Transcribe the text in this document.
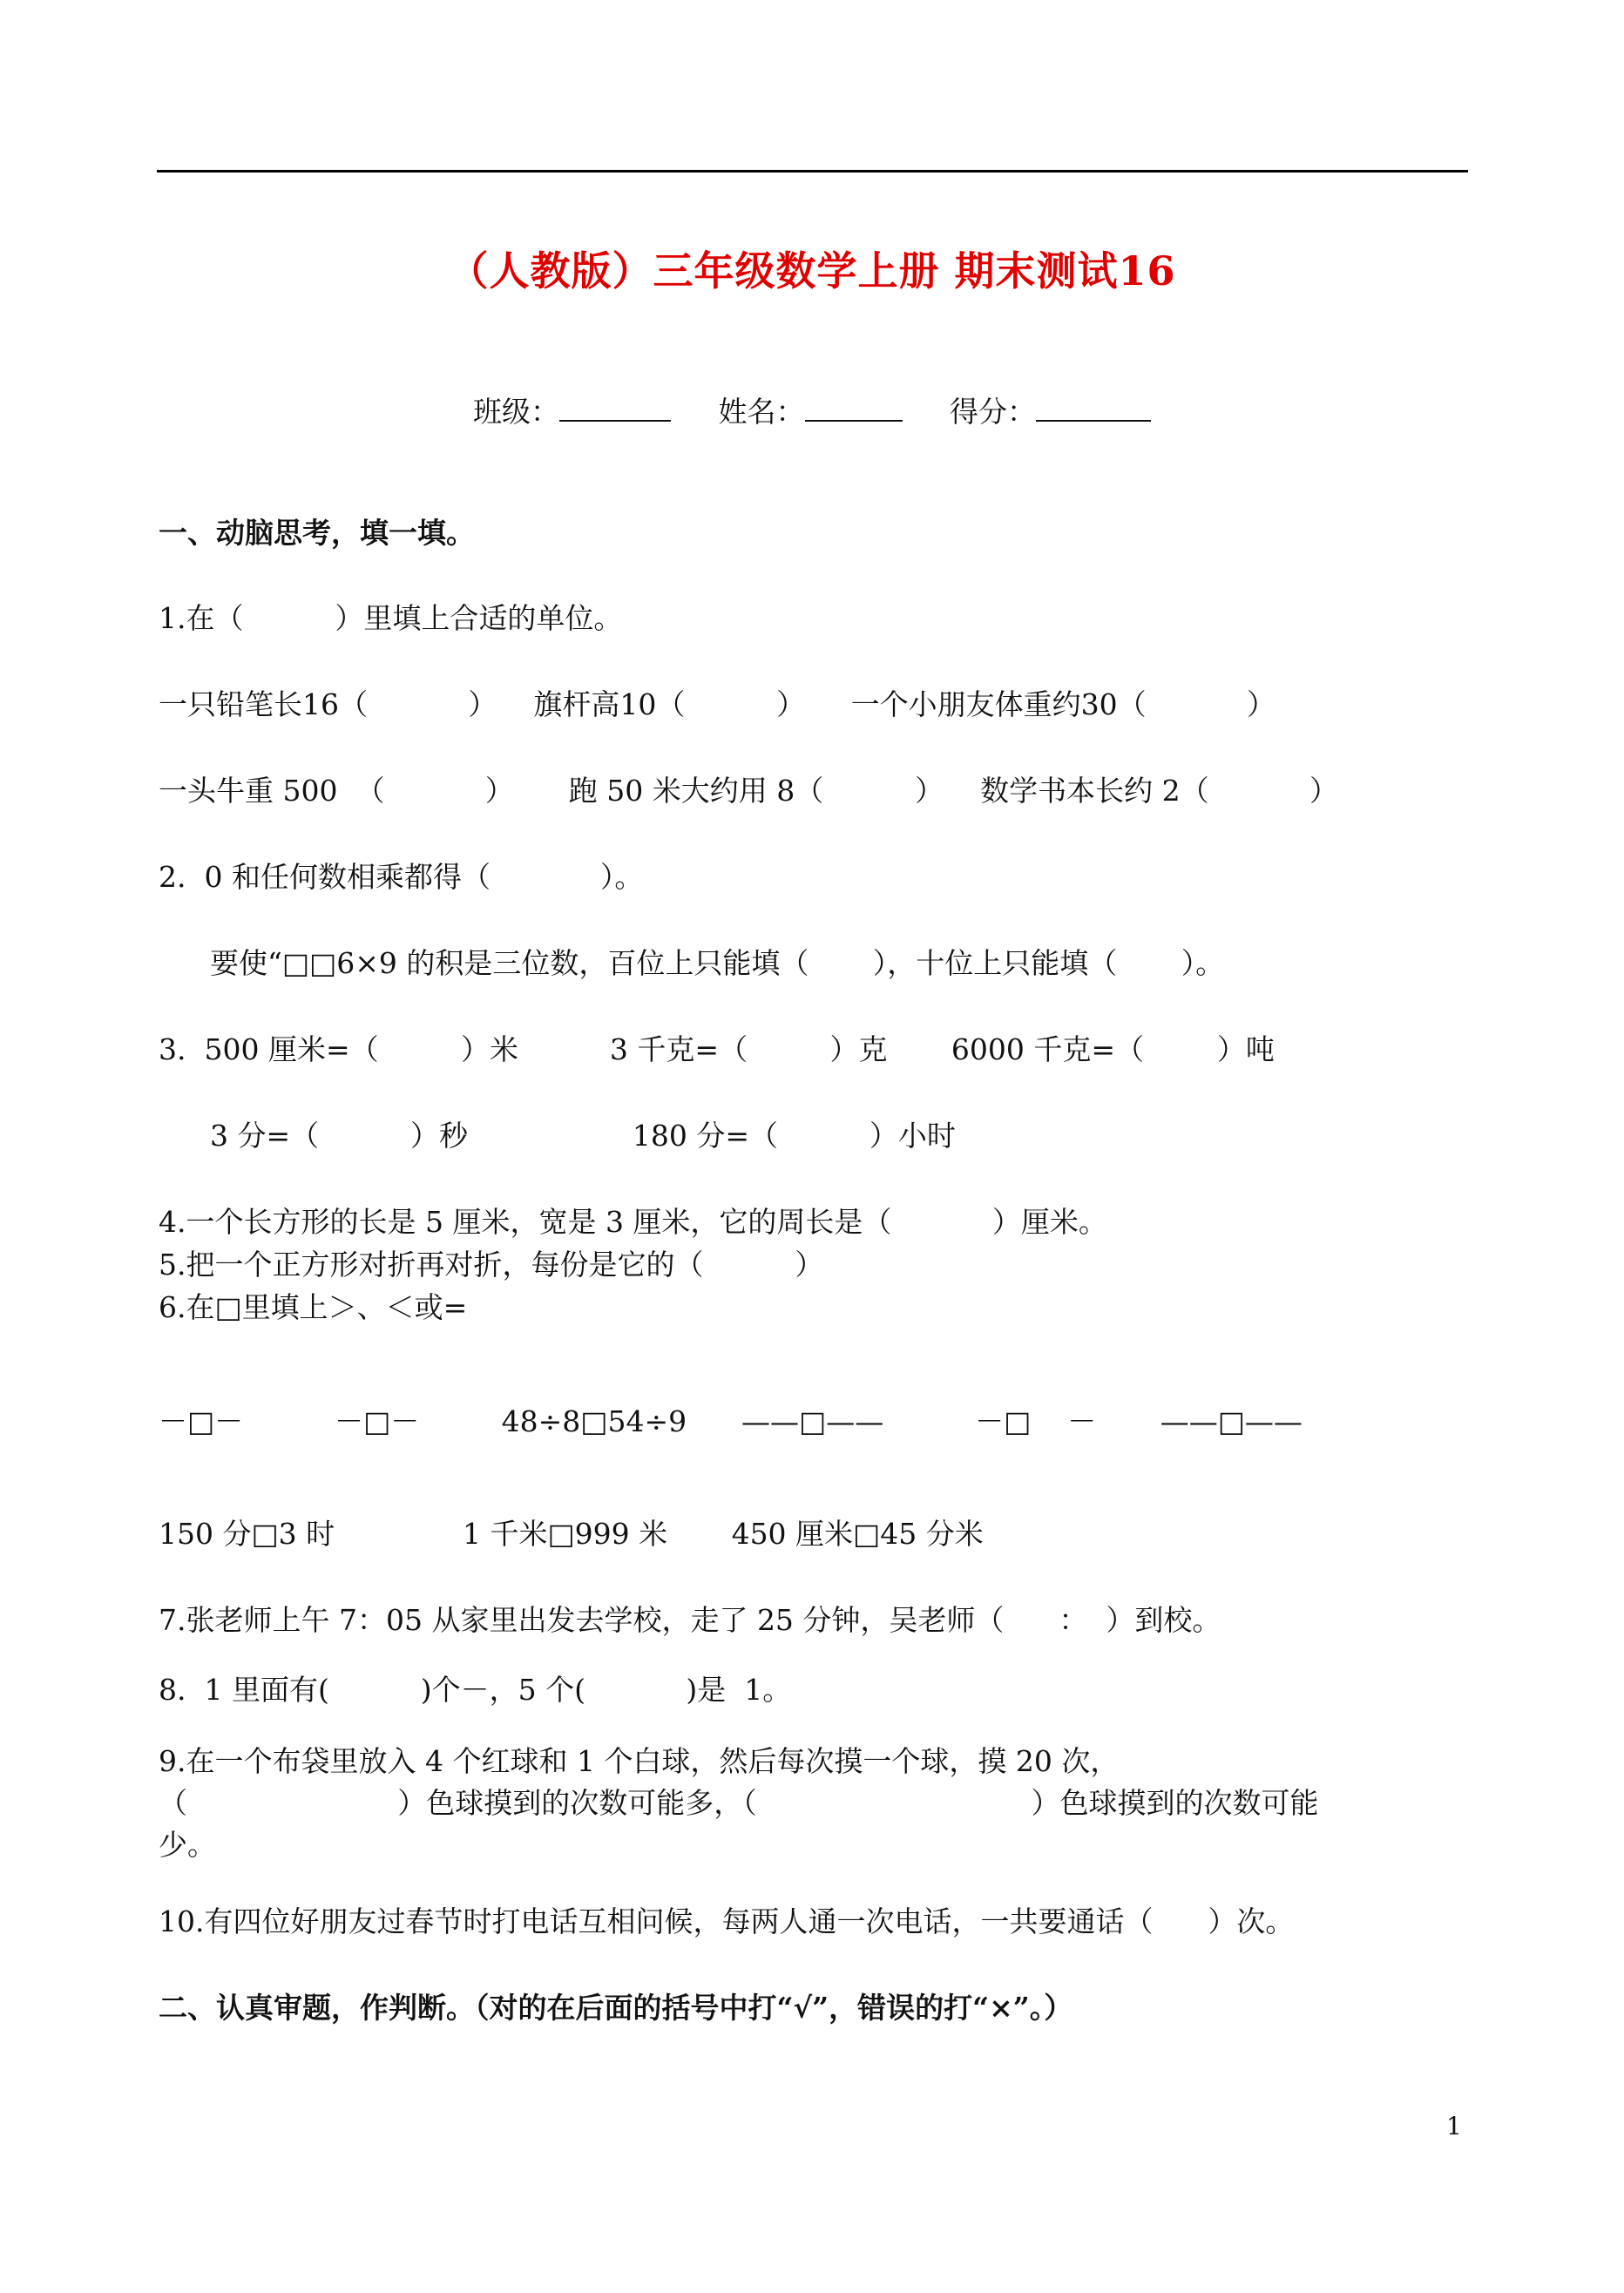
（人教版）三年级数学上册 期末测试16
班级：	姓名：	得分：
一、动脑思考，填一填。
1.在（          ）里填上合适的单位。
一只铅笔长16（           ）    旗杆高10（          ）     一个小朋友体重约30（           ）
一头牛重 500  （           ）      跑 50 米大约用 8（          ）    数学书本长约 2（           ）
2.  0 和任何数相乘都得（            ）。
要使“□□6×9 的积是三位数，百位上只能填（       ），十位上只能填（       ）。
3.  500 厘米=（         ）米          3 千克=（         ）克       6000 千克=（        ）吨
3 分=（          ）秒                  180 分=（          ）小时
4.一个长方形的长是 5 厘米，宽是 3 厘米，它的周长是（           ）厘米。
5.把一个正方形对折再对折，每份是它的（          ）
6.在□里填上＞、＜或=
－□－          －□－         48÷8□54÷9      ——□——          －□    －       ——□——
150 分□3 时              1 千米□999 米       450 厘米□45 分米
7.张老师上午 7：05 从家里出发去学校，走了 25 分钟，吴老师（      ：  ）到校。
8.  1 里面有(          )个－，5 个(           )是  1。
9.在一个布袋里放入 4 个红球和 1 个白球，然后每次摸一个球，摸 20 次，
（                       ）色球摸到的次数可能多，（                              ）色球摸到的次数可能
少。
10.有四位好朋友过春节时打电话互相问候，每两人通一次电话，一共要通话（      ）次。
二、认真审题，作判断。（对的在后面的括号中打“√”，错误的打“×”。）
1
